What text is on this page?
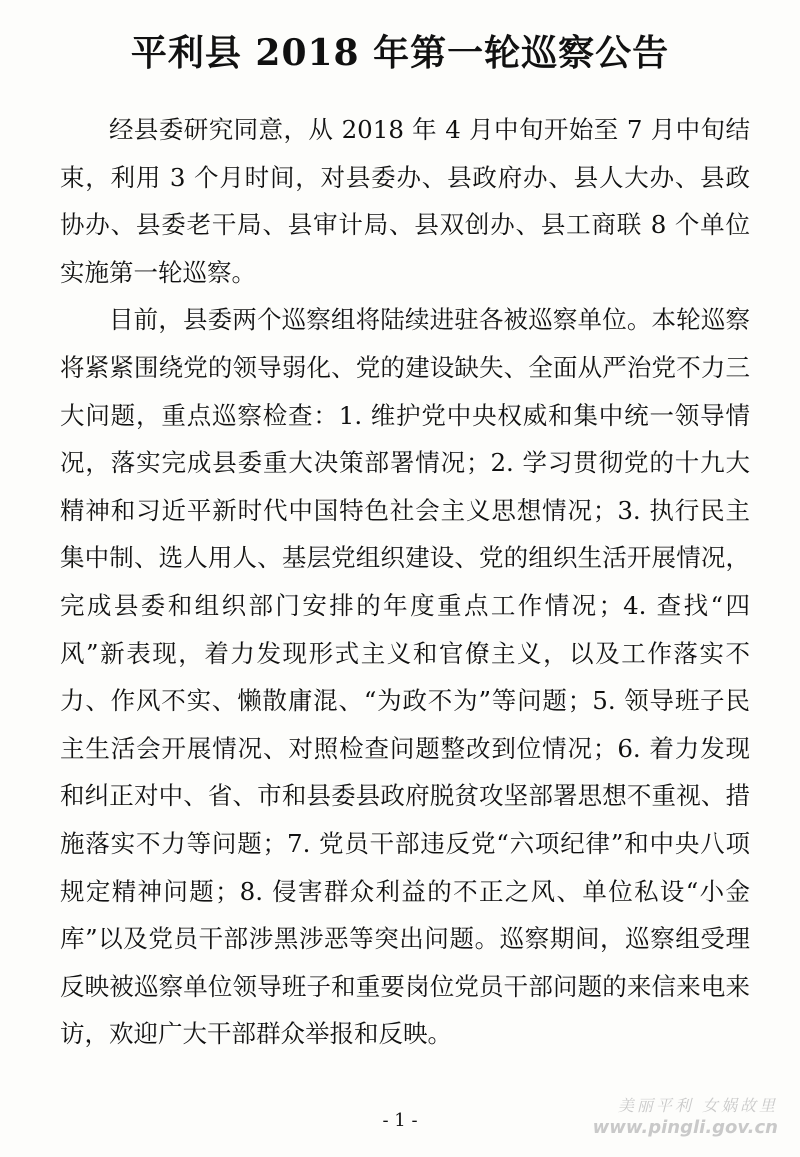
平利县 2018 年第一轮巡察公告

经县委研究同意，从 2018 年 4 月中旬开始至 7 月中旬结束，利用 3 个月时间，对县委办、县政府办、县人大办、县政协办、县委老干局、县审计局、县双创办、县工商联 8 个单位实施第一轮巡察。

目前，县委两个巡察组将陆续进驻各被巡察单位。本轮巡察将紧紧围绕党的领导弱化、党的建设缺失、全面从严治党不力三大问题，重点巡察检查：1. 维护党中央权威和集中统一领导情况，落实完成县委重大决策部署情况；2. 学习贯彻党的十九大精神和习近平新时代中国特色社会主义思想情况；3. 执行民主集中制、选人用人、基层党组织建设、党的组织生活开展情况，完成县委和组织部门安排的年度重点工作情况；4. 查找“四风”新表现，着力发现形式主义和官僚主义，以及工作落实不力、作风不实、懒散庸混、“为政不为”等问题；5. 领导班子民主生活会开展情况、对照检查问题整改到位情况；6. 着力发现和纠正对中、省、市和县委县政府脱贫攻坚部署思想不重视、措施落实不力等问题；7. 党员干部违反党“六项纪律”和中央八项规定精神问题；8. 侵害群众利益的不正之风、单位私设“小金库”以及党员干部涉黑涉恶等突出问题。巡察期间，巡察组受理反映被巡察单位领导班子和重要岗位党员干部问题的来信来电来访，欢迎广大干部群众举报和反映。

- 1 -
美丽平利 女娲故里
www.pingli.gov.cn
